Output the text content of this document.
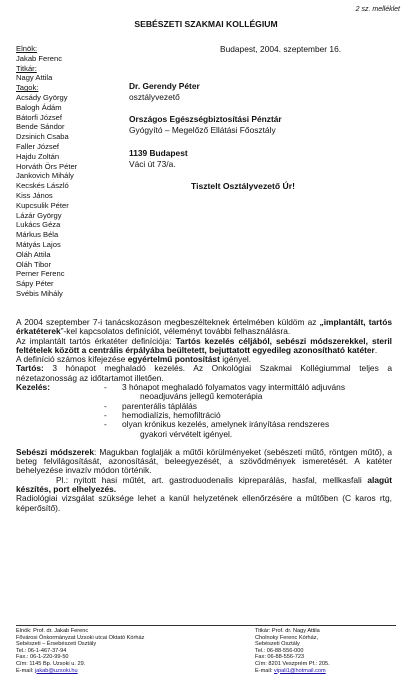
2 sz. melléklet
SEBÉSZETI SZAKMAI KOLLÉGIUM
Elnök:
Jakab Ferenc
Titkár:
Nagy Attila
Tagok:
Acsády György
Balogh Ádám
Bátorfi József
Bende Sándor
Dzsinich Csaba
Faller József
Hajdu Zoltán
Horváth Örs Péter
Jankovich Mihály
Kecskés László
Kiss János
Kupcsulik Péter
Lázár György
Lukács Géza
Márkus Béla
Mátyás Lajos
Oláh Attila
Oláh Tibor
Perner Ferenc
Sápy Péter
Svébis Mihály
Budapest, 2004. szeptember 16.
Dr. Gerendy Péter
osztályvezető
Országos Egészségbiztosítási Pénztár
Gyógyító – Megelőző Ellátási Főosztály
1139 Budapest
Váci út 73/a.
Tisztelt Osztályvezető Úr!

A 2004 szeptember 7-i tanácskozáson megbeszélteknek értelmében küldöm az „implantált, tartós érkatéterek”-kel kapcsolatos definíciót, véleményt további felhasználásra.

Az implantált tartós érkatéter definíciója: Tartós kezelés céljából, sebészi módszerekkel, steril feltételek között a centrális érpályába beültetett, bejuttatott egyedileg azonosítható katéter.

A definíció számos kifejezése egyértelmű pontosítást igényel.

Tartós: 3 hónapot meghaladó kezelés. Az Onkológiai Szakmai Kollégiummal teljes a nézetazonosság az időtartamot illetően.

Kezelés:	-	3 hónapot meghaladó folyamatos vagy intermittáló adjuváns
neoadjuváns jellegű kemoterápia
-	parenterális táplálás
-	hemodialízis, hemofiltráció
-	olyan krónikus kezelés, amelynek irányítása rendszeres
gyakori vérvételt igényel.

Sebészi módszerek: Magukban foglalják a műtői körülményeket (sebészeti műtő, röntgen műtő), a beteg felvilágosítását, azonosítását, beleegyezését, a szövődmények ismeretését. A katéter behelyezése invazív módon történik.

Pl.: nyitott hasi műtét, art. gastroduodenalis kipreparálás, hasfal, mellkasfali alagút készítés, port elhelyezés.

Radiológiai vizsgálat szüksége lehet a kanül helyzetének ellenőrzésére a műtőben (C karos rtg, képerősítő).

Elnök: Prof. dr. Jakab Ferenc
Fővárosi Önkormányzat Uzsoki utcai Oktató Kórház
Sebészeti – Érsebészeti Osztály
Tel.: 06-1-467-37-94
Fax.: 06-1-220-99-50
Cím: 1145 Bp. Uzsoki u. 29.
E-mail: jakab@uzsoki.hu
Titkár: Prof. dr. Nagy Attila
Cholnoky Ferenc Kórház,
Sebészeti Osztály
Tel.: 06-88-556-000
Fax: 06-88-556-723
Cím: 8201 Veszprém Pf.: 205.
E-mail: vipali1@hotmail.com
